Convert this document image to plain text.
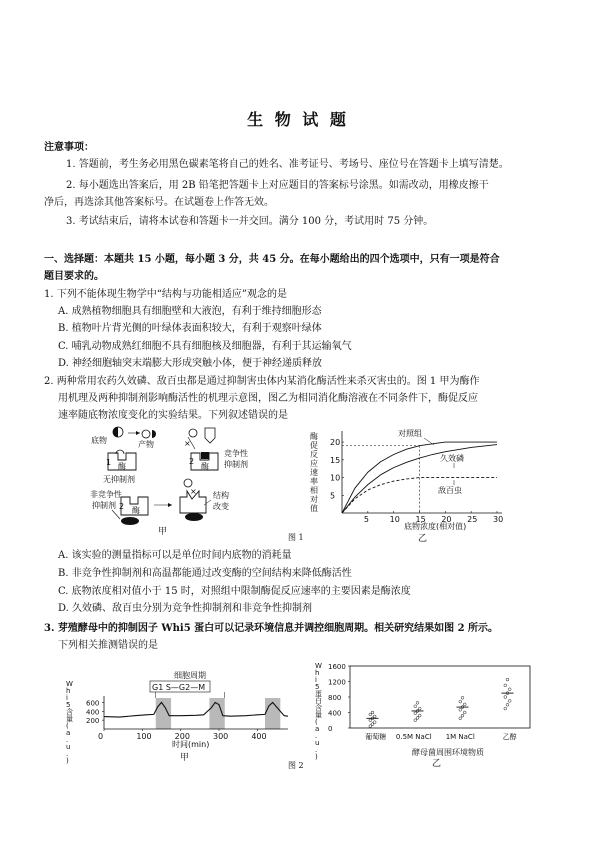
生 物 试 题
注意事项：
1. 答题前，考生务必用黑色碳素笔将自己的姓名、准考证号、考场号、座位号在答题卡上填写清楚。
2. 每小题选出答案后，用 2B 铅笔把答题卡上对应题目的答案标号涂黑。如需改动，用橡皮擦干
净后，再选涂其他答案标号。在试题卷上作答无效。
3. 考试结束后，请将本试卷和答题卡一并交回。满分 100 分，考试用时 75 分钟。
一、选择题：本题共 15 小题，每小题 3 分，共 45 分。在每小题给出的四个选项中，只有一项是符合
题目要求的。
1. 下列不能体现生物学中“结构与功能相适应”观念的是
A. 成熟植物细胞具有细胞壁和大液泡，有利于维持细胞形态
B. 植物叶片背光侧的叶绿体表面积较大，有利于观察叶绿体
C. 哺乳动物成熟红细胞不具有细胞核及细胞器，有利于其运输氧气
D. 神经细胞轴突末端膨大形成突触小体，便于神经递质释放
2. 两种常用农药久效磷、敌百虫都是通过抑制害虫体内某消化酶活性来杀灭害虫的。图 1 甲为酶作
用机理及两种抑制剂影响酶活性的机理示意图，图乙为相同消化酶溶液在不同条件下，酶促反应
速率随底物浓度变化的实验结果。下列叙述错误的是
底物	产物
1 酶
无抑制剂
×
2
酶
竞争性
抑制剂
非竞争性
抑制剂 2 酶
× 结构
改变
甲
酶
促
反
应
速
率
相
对
值
5	10 15 20 25 30
5
10
15
20
对照组
久效磷
敌百虫
底物浓度(相对值)
乙
图 1
A. 该实验的测量指标可以是单位时间内底物的消耗量
B. 非竞争性抑制剂和高温都能通过改变酶的空间结构来降低酶活性
C. 底物浓度相对值小于 15 时，对照组中限制酶促反应速率的主要因素是酶浓度
D. 久效磷、敌百虫分别为竞争性抑制剂和非竞争性抑制剂
3. 芽殖酵母中的抑制因子 Whi5 蛋白可以记录环境信息并调控细胞周期。相关研究结果如图 2 所示。
下列相关推测错误的是
W
h
i
5
含
量
(
a
.
u
.
)
细胞周期
G1 S—G2—M
0	100	200	300	400
200
400
600
时间(min)
甲
W
h
i
5
蛋
白
含
量
(
a
.
u
.
)
0
400
800
1200
1600
葡萄糖 0.5M NaCl 1M NaCl	乙醇
酵母菌周围环境物质
乙
图 2
